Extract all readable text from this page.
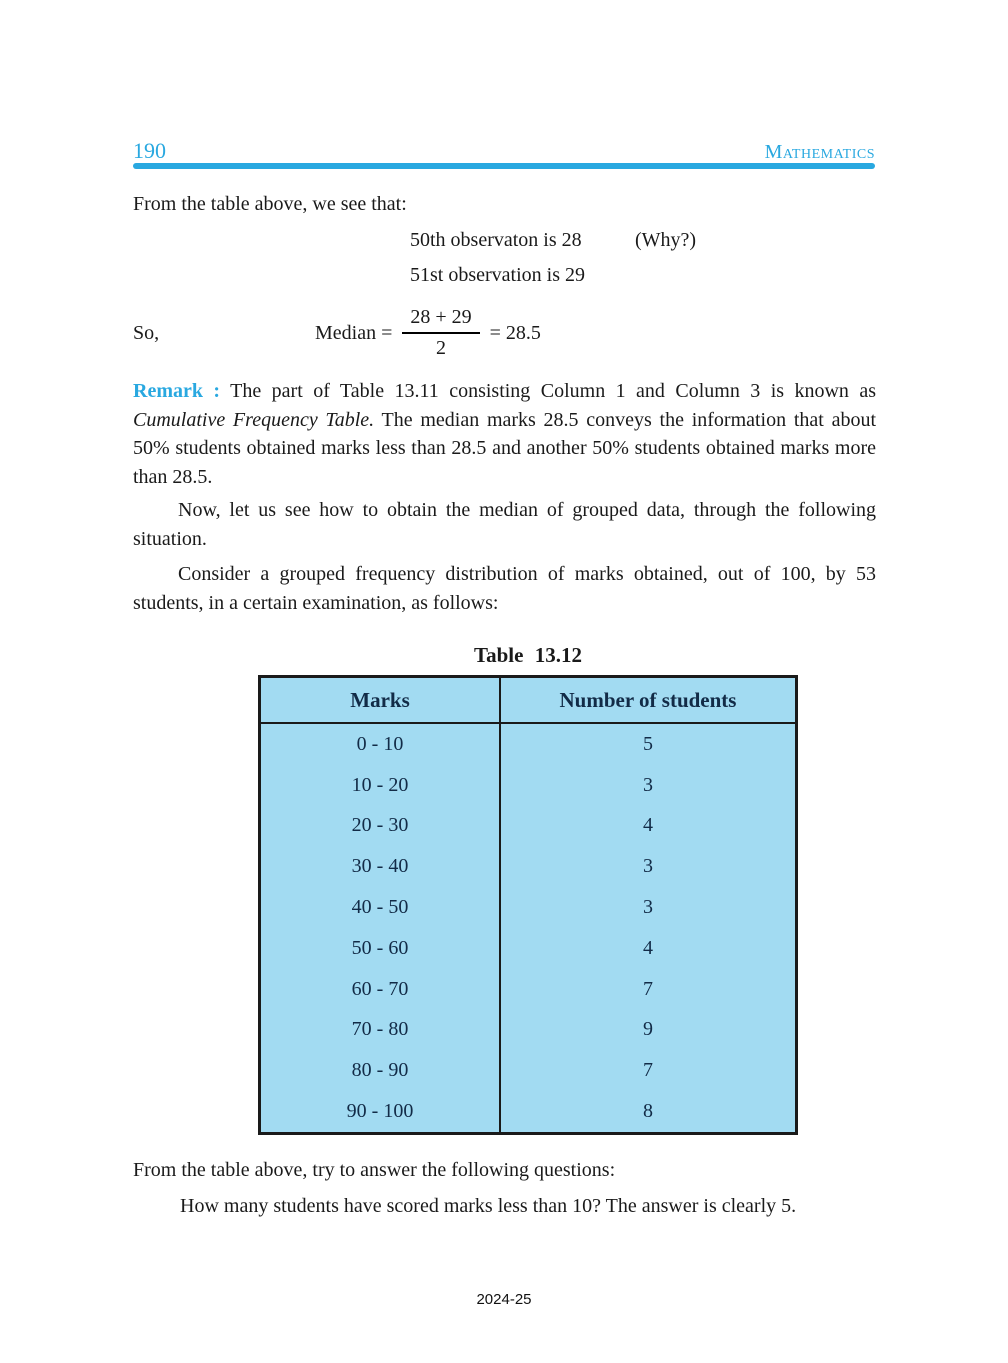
190	Mathematics
From the table above, we see that:
50th observaton is 28	(Why?)
51st observation is 29
So,	Median = $\frac{28 + 29}{2} = 28.5$
Remark : The part of Table 13.11 consisting Column 1 and Column 3 is known as Cumulative Frequency Table. The median marks 28.5 conveys the information that about 50% students obtained marks less than 28.5 and another 50% students obtained marks more than 28.5.
Now, let us see how to obtain the median of grouped data, through the following situation.
Consider a grouped frequency distribution of marks obtained, out of 100, by 53 students, in a certain examination, as follows:
Table 13.12
Marks	Number of students
0 - 10	5
10 - 20	3
20 - 30	4
30 - 40	3
40 - 50	3
50 - 60	4
60 - 70	7
70 - 80	9
80 - 90	7
90 - 100	8
From the table above, try to answer the following questions:
How many students have scored marks less than 10? The answer is clearly 5.
2024-25
